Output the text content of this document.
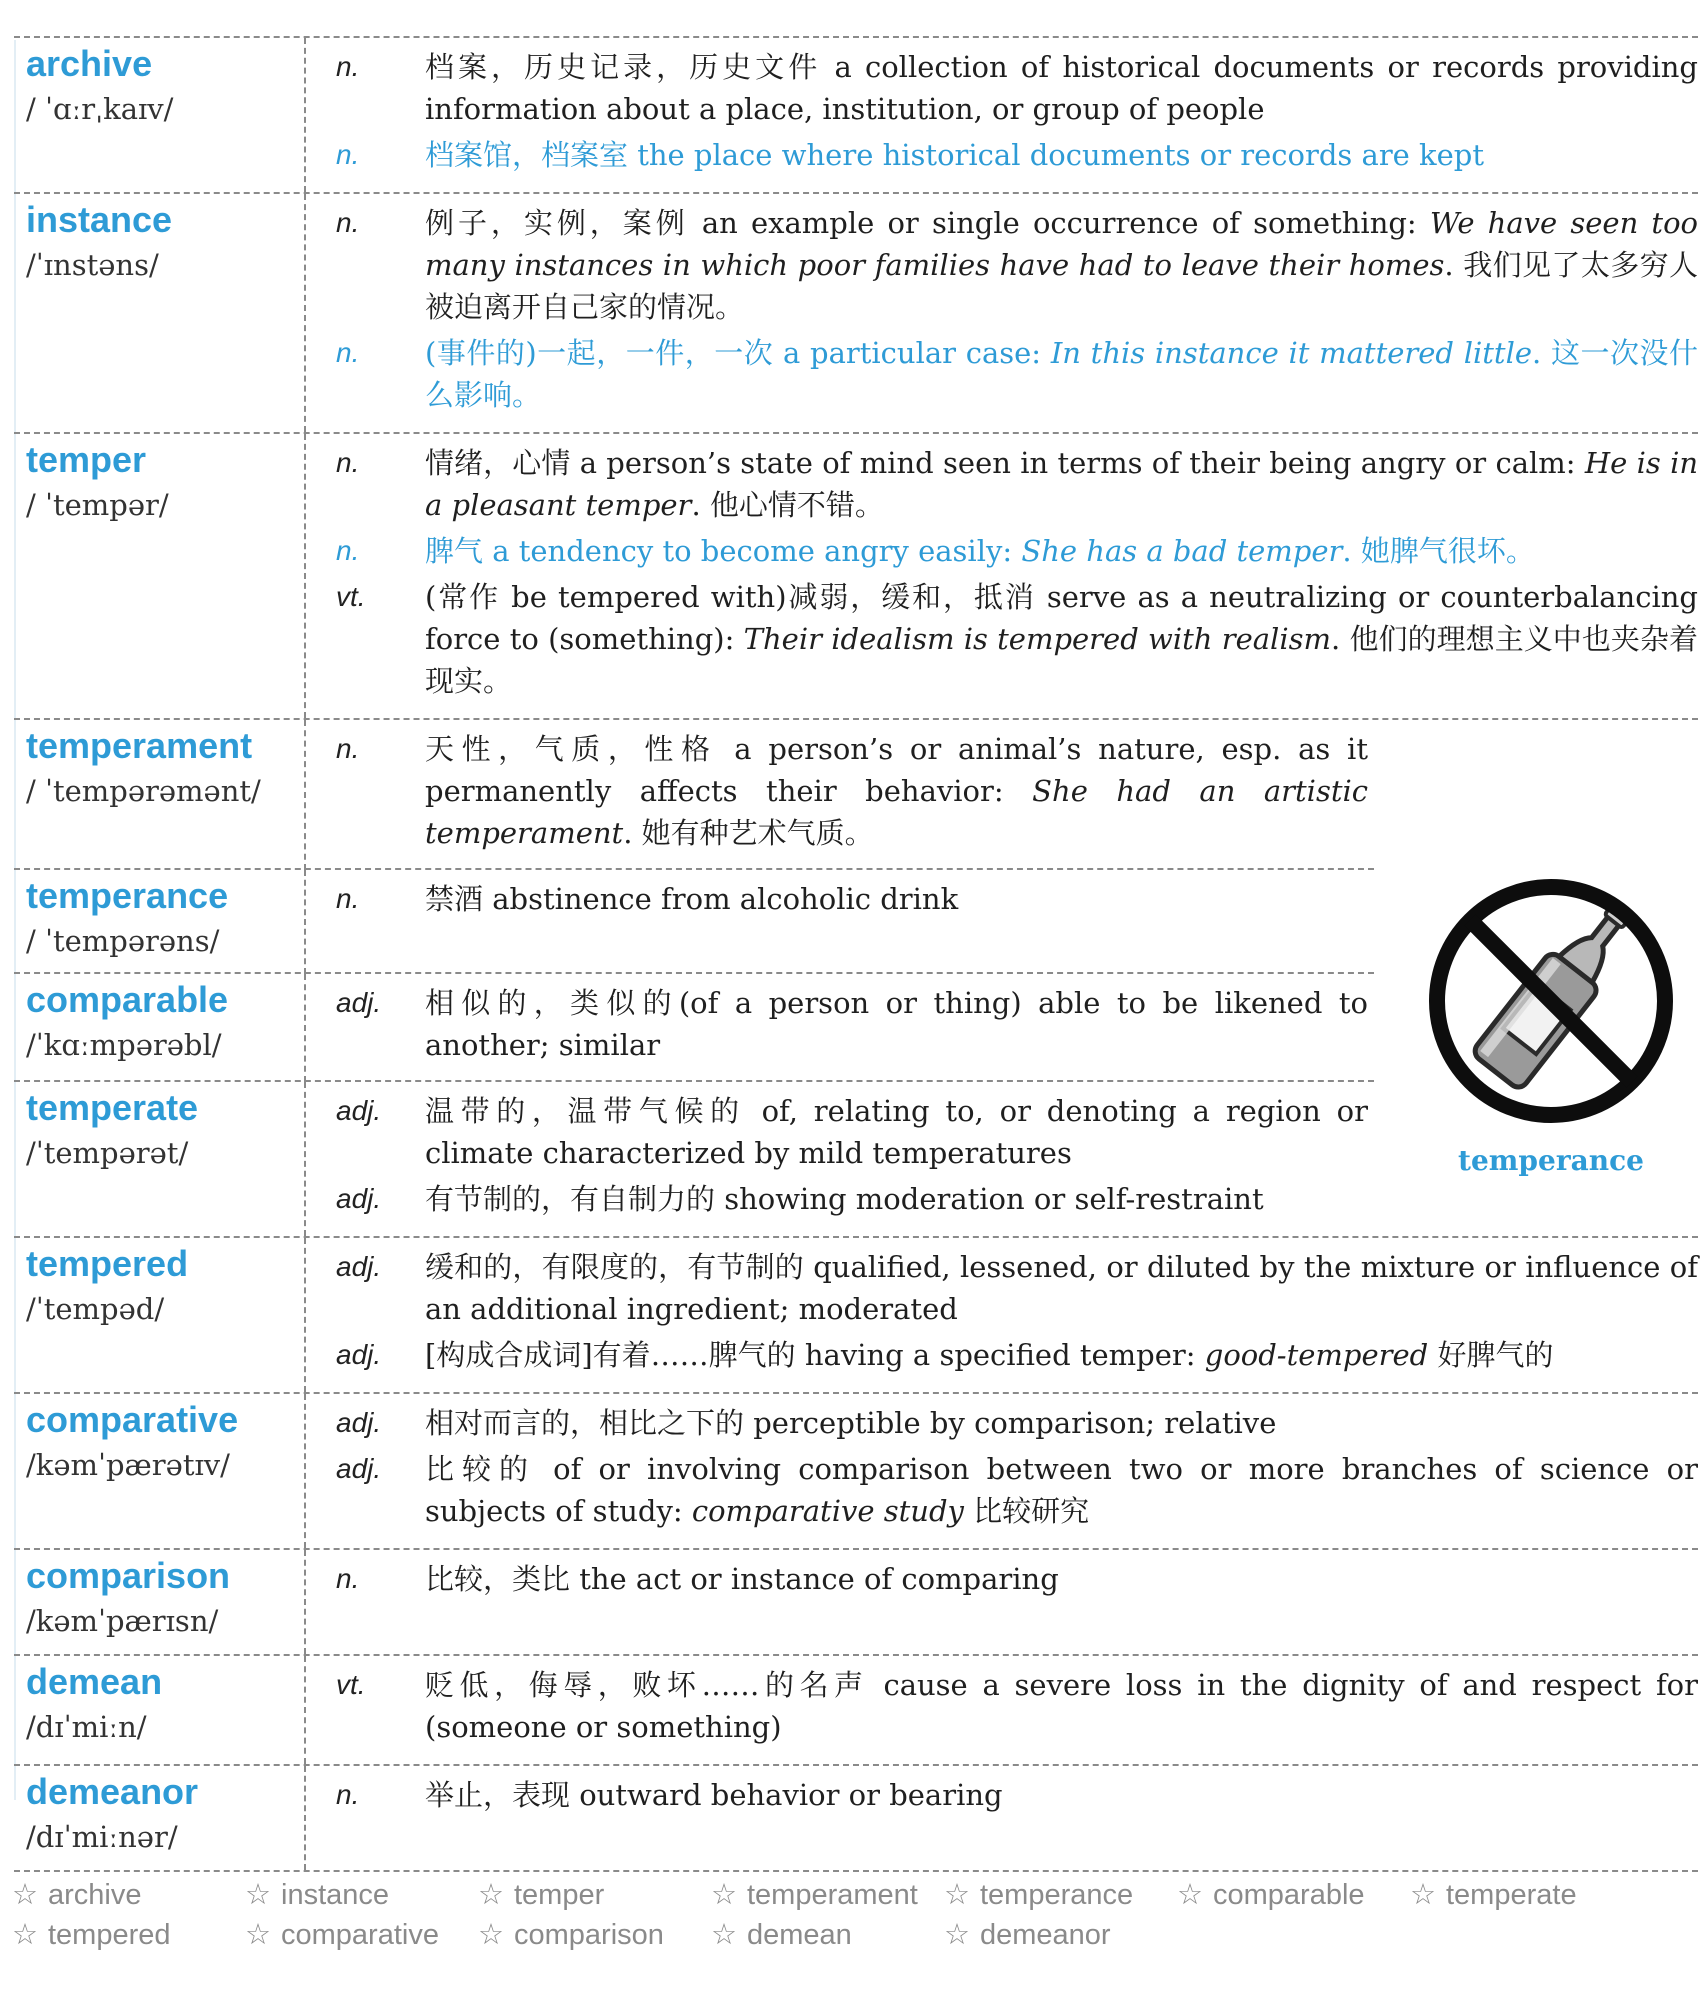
archive
/ ˈɑːrˌkaɪv/
n.	档案，历史记录，历史文件 a collection of historical documents or records providing information about a place, institution, or group of people
n.	档案馆，档案室 the place where historical documents or records are kept
instance
/ˈɪnstəns/
n.	例子，实例，案例 an example or single occurrence of something: We have seen too many instances in which poor families have had to leave their homes. 我们见了太多穷人被迫离开自己家的情况。
n.	(事件的)一起，一件，一次 a particular case: In this instance it mattered little. 这一次没什么影响。
temper
/ ˈtempər/
n.	情绪，心情 a person’s state of mind seen in terms of their being angry or calm: He is in a pleasant temper. 他心情不错。
n.	脾气 a tendency to become angry easily: She has a bad temper. 她脾气很坏。
vt.	(常作 be tempered with)减弱，缓和，抵消 serve as a neutralizing or counterbalancing force to (something): Their idealism is tempered with realism. 他们的理想主义中也夹杂着现实。
temperament
/ ˈtempərəmənt/
n.	天性，气质，性格 a person’s or animal’s nature, esp. as it permanently affects their behavior: She had an artistic temperament. 她有种艺术气质。
temperance
/ ˈtempərəns/
n.	禁酒 abstinence from alcoholic drink
comparable
/ˈkɑːmpərəbl/
adj.	相似的，类似的(of a person or thing) able to be likened to another; similar
temperate
/ˈtempərət/
adj.	温带的，温带气候的 of, relating to, or denoting a region or climate characterized by mild temperatures
adj.	有节制的，有自制力的 showing moderation or self-restraint
tempered
/ˈtempəd/
adj.	缓和的，有限度的，有节制的 qualified, lessened, or diluted by the mixture or influence of an additional ingredient; moderated
adj.	[构成合成词]有着……脾气的 having a specified temper: good-tempered 好脾气的
comparative
/kəmˈpærətɪv/
adj.	相对而言的，相比之下的 perceptible by comparison; relative
adj.	比较的 of or involving comparison between two or more branches of science or subjects of study: comparative study 比较研究
comparison
/kəmˈpærɪsn/
n.	比较，类比 the act or instance of comparing
demean
/dɪˈmiːn/
vt.	贬低，侮辱，败坏……的名声 cause a severe loss in the dignity of and respect for (someone or something)
demeanor
/dɪˈmiːnər/
n.	举止，表现 outward behavior or bearing
temperance
☆ archive	☆ instance	☆ temper	☆ temperament ☆ temperance	☆ comparable	☆ temperate
☆ tempered	☆ comparative	☆ comparison	☆ demean	☆ demeanor
